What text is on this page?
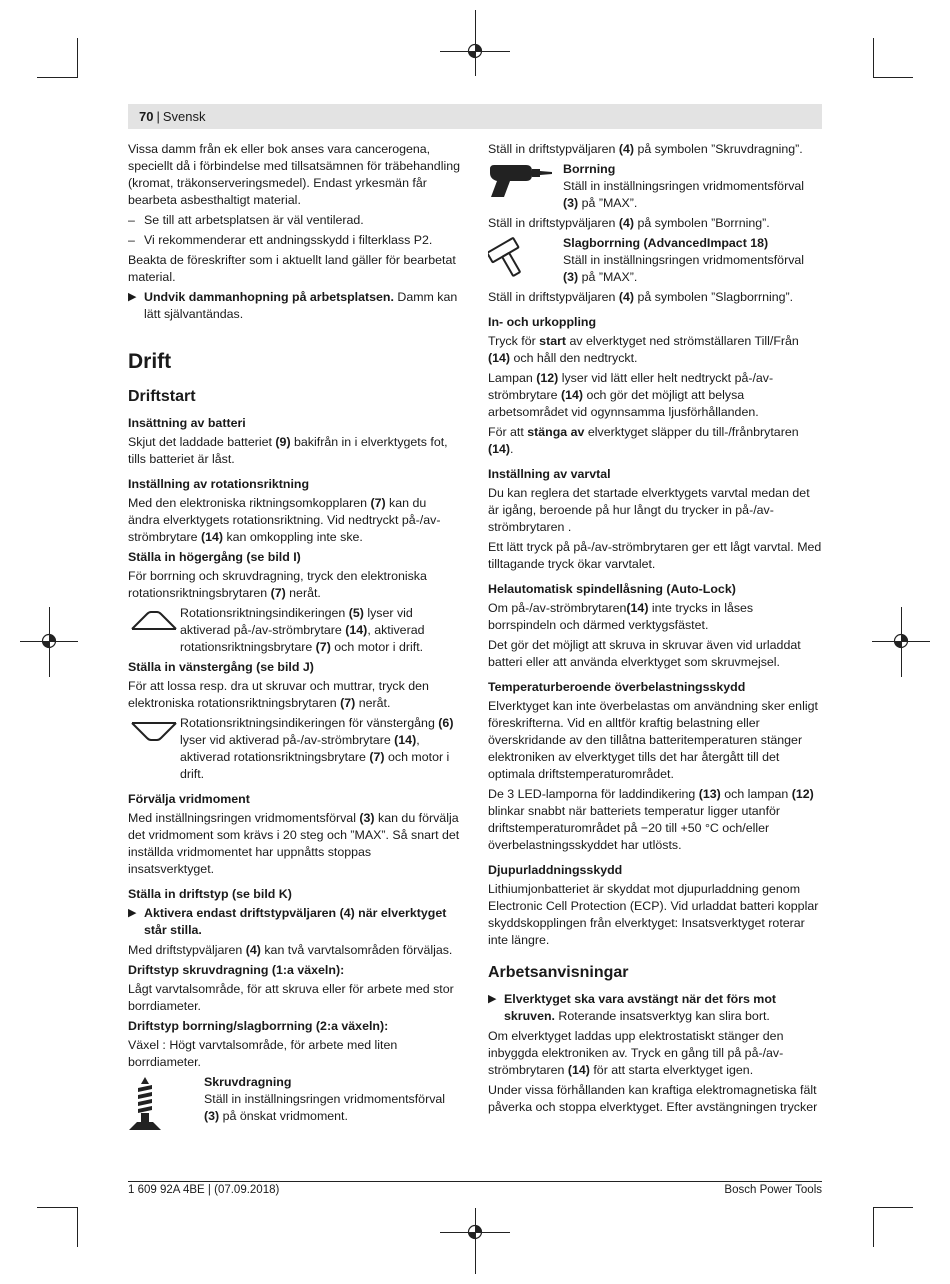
70 | Svensk

Vissa damm från ek eller bok anses vara cancerogena, speciellt då i förbindelse med tillsatsämnen för träbehandling (kromat, träkonserveringsmedel). Endast yrkesmän får bearbeta asbesthaltigt material.

– Se till att arbetsplatsen är väl ventilerad.
– Vi rekommenderar ett andningsskydd i filterklass P2.

Beakta de föreskrifter som i aktuellt land gäller för bearbetat material.

▶ Undvik dammanhopning på arbetsplatsen. Damm kan lätt självantändas.
Drift
Driftstart
Insättning av batteri

Skjut det laddade batteriet (9) bakifrån in i elverktygets fot, tills batteriet är låst.

Inställning av rotationsriktning

Med den elektroniska riktningsomkopplaren (7) kan du ändra elverktygets rotationsriktning. Vid nedtryckt på-/av-strömbrytare (14) kan omkoppling inte ske.

Ställa in högergång (se bild I)

För borrning och skruvdragning, tryck den elektroniska rotationsriktningsbrytaren (7) neråt.

Rotationsriktningsindikeringen (5) lyser vid aktiverad på-/av-strömbrytare (14), aktiverad rotationsriktningsbrytare (7) och motor i drift.
Ställa in vänstergång (se bild J)

För att lossa resp. dra ut skruvar och muttrar, tryck den elektroniska rotationsriktningsbrytaren (7) neråt.

Rotationsriktningsindikeringen för vänstergång (6) lyser vid aktiverad på-/av-strömbrytare (14), aktiverad rotationsriktningsbrytare (7) och motor i drift.
Förvälja vridmoment

Med inställningsringen vridmomentsförval (3) kan du förvälja det vridmoment som krävs i 20 steg och ”MAX”. Så snart det inställda vridmomentet har uppnåtts stoppas insatsverktyget.

Ställa in driftstyp (se bild K)
▶ Aktivera endast driftstypväljaren (4) när elverktyget står stilla.

Med driftstypväljaren (4) kan två varvtalsområden förväljas.

Driftstyp skruvdragning (1:a växeln):

Lågt varvtalsområde, för att skruva eller för arbete med stor borrdiameter.

Driftstyp borrning/slagborrning (2:a växeln):

Växel : Högt varvtalsområde, för arbete med liten borrdiameter.

Skruvdragning
Ställ in inställningsringen vridmomentsförval (3) på önskat vridmoment.

Ställ in driftstypväljaren (4) på symbolen ”Skruvdragning”.

Borrning
Ställ in inställningsringen vridmomentsförval (3) på ”MAX”.

Ställ in driftstypväljaren (4) på symbolen ”Borrning”.

Slagborrning (AdvancedImpact 18)
Ställ in inställningsringen vridmomentsförval (3) på ”MAX”.

Ställ in driftstypväljaren (4) på symbolen ”Slagborrning”.

In- och urkoppling

Tryck för start av elverktyget ned strömställaren Till/Från (14) och håll den nedtryckt.

Lampan (12) lyser vid lätt eller helt nedtryckt på-/av-strömbrytare (14) och gör det möjligt att belysa arbetsområdet vid ogynnsamma ljusförhållanden.

För att stänga av elverktyget släpper du till-/frånbrytaren (14).

Inställning av varvtal

Du kan reglera det startade elverktygets varvtal medan det är igång, beroende på hur långt du trycker in på-/av-strömbrytaren .

Ett lätt tryck på på-/av-strömbrytaren ger ett lågt varvtal. Med tilltagande tryck ökar varvtalet.

Helautomatisk spindellåsning (Auto-Lock)

Om på-/av-strömbrytaren(14) inte trycks in låses borrspindeln och därmed verktygsfästet.

Det gör det möjligt att skruva in skruvar även vid urladdat batteri eller att använda elverktyget som skruvmejsel.

Temperaturberoende överbelastningsskydd

Elverktyget kan inte överbelastas om användning sker enligt föreskrifterna. Vid en alltför kraftig belastning eller överskridande av den tillåtna batteritemperaturen stänger elektroniken av elverktyget tills det har återgått till det optimala driftstemperaturområdet.

De 3 LED-lamporna för laddindikering (13) och lampan (12) blinkar snabbt när batteriets temperatur ligger utanför driftstemperaturområdet på −20 till +50 °C och/eller överbelastningsskyddet har utlösts.

Djupurladdningsskydd

Lithiumjonbatteriet är skyddat mot djupurladdning genom Electronic Cell Protection (ECP). Vid urladdat batteri kopplar skyddskopplingen från elverktyget: Insatsverktyget roterar inte längre.

Arbetsanvisningar
▶ Elverktyget ska vara avstängt när det förs mot skruven. Roterande insatsverktyg kan slira bort.

Om elverktyget laddas upp elektrostatiskt stänger den inbyggda elektroniken av. Tryck en gång till på på-/av-strömbrytaren (14) för att starta elverktyget igen.

Under vissa förhållanden kan kraftiga elektromagnetiska fält påverka och stoppa elverktyget. Efter avstängningen trycker

1 609 92A 4BE | (07.09.2018)	Bosch Power Tools
